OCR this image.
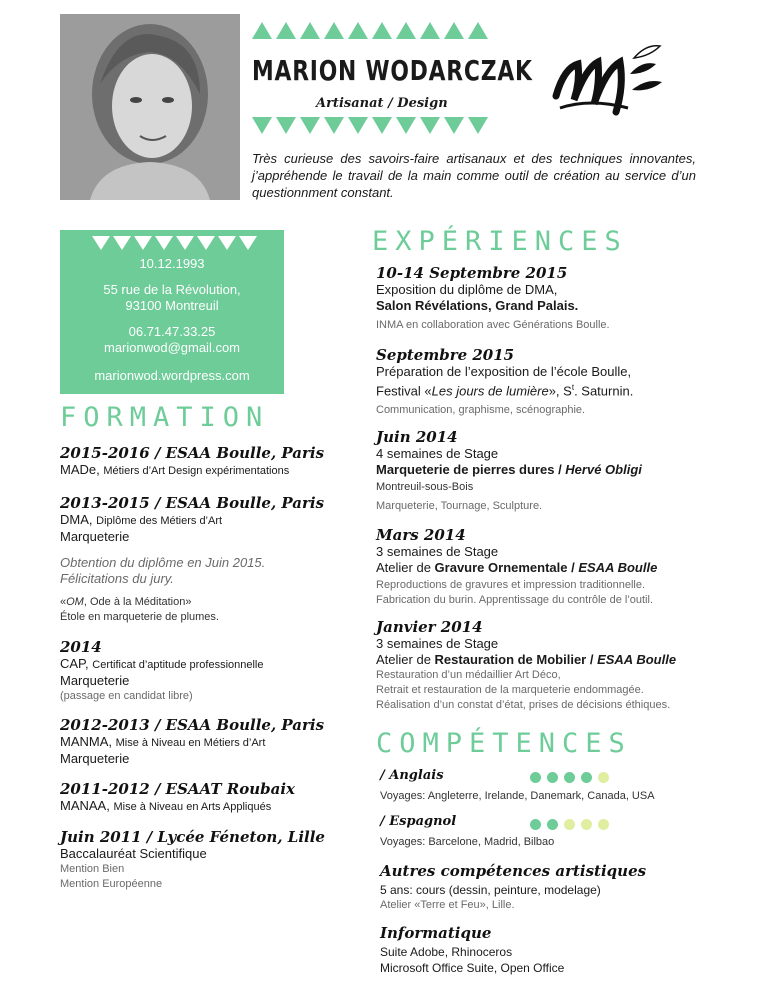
MARION WODARCZAK
Artisanat / Design
Très curieuse des savoirs-faire artisanaux et des techniques innovantes, j’appréhende le travail de la main comme outil de création au service d’un questionnment constant.
10.12.1993
55 rue de la Révolution,
93100 Montreuil
06.71.47.33.25
marionwod@gmail.com
marionwod.wordpress.com
FORMATION
2015-2016 / ESAA Boulle, Paris
MADe, Métiers d’Art Design expérimentations
2013-2015 / ESAA Boulle, Paris
DMA, Diplôme des Métiers d’Art
Marqueterie
Obtention du diplôme en Juin 2015.
Félicitations du jury.
«OM, Ode à la Méditation»
Étole en marqueterie de plumes.
2014
CAP, Certificat d’aptitude professionnelle
Marqueterie
(passage en candidat libre)
2012-2013 / ESAA Boulle, Paris
MANMA, Mise à Niveau en Métiers d’Art
Marqueterie
2011-2012 / ESAAT Roubaix
MANAA, Mise à Niveau en Arts Appliqués
Juin 2011 / Lycée Féneton, Lille
Baccalauréat Scientifique
Mention Bien
Mention Européenne
EXPÉRIENCES
10-14 Septembre 2015
Exposition du diplôme de DMA,
Salon Révélations, Grand Palais.
INMA en collaboration avec Générations Boulle.
Septembre 2015
Préparation de l’exposition de l’école Boulle,
Festival «Les jours de lumière», $S^t$. Saturnin.
Communication, graphisme, scénographie.
Juin 2014
4 semaines de Stage
Marqueterie de pierres dures / Hervé Obligi
Montreuil-sous-Bois
Marqueterie, Tournage, Sculpture.
Mars 2014
3 semaines de Stage
Atelier de Gravure Ornementale / ESAA Boulle
Reproductions de gravures et impression traditionnelle.
Fabrication du burin. Apprentissage du contrôle de l’outil.
Janvier 2014
3 semaines de Stage
Atelier de Restauration de Mobilier / ESAA Boulle
Restauration d’un médaillier Art Déco,
Retrait et restauration de la marqueterie endommagée.
Réalisation d’un constat d’état, prises de décisions éthiques.
COMPÉTENCES
/ Anglais
Voyages: Angleterre, Irelande, Danemark, Canada, USA
/ Espagnol
Voyages: Barcelone, Madrid, Bilbao
Autres compétences artistiques
5 ans: cours (dessin, peinture, modelage)
Atelier «Terre et Feu», Lille.
Informatique
Suite Adobe, Rhinoceros
Microsoft Office Suite, Open Office
